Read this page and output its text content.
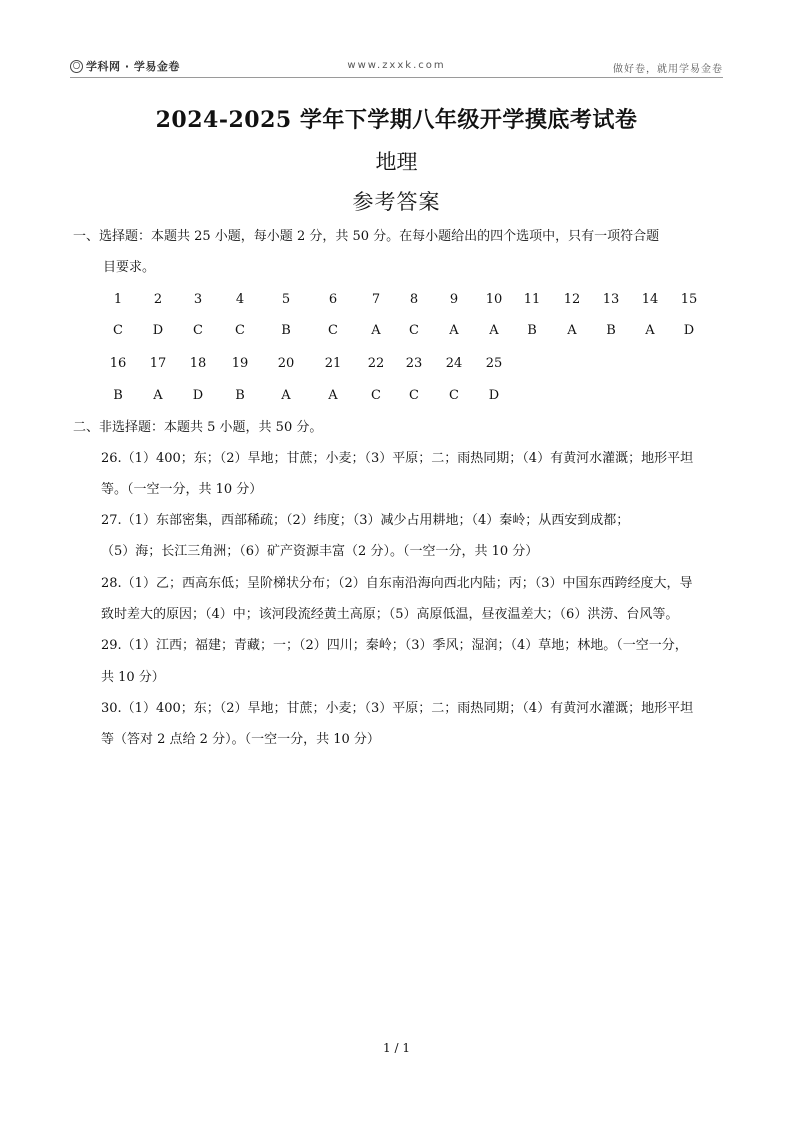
〇 学科网 · 学易金卷	www.zxxk.com	做好卷，就用学易金卷
2024-2025 学年下学期八年级开学摸底考试卷
地理
参考答案
一、选择题：本题共 25 小题，每小题 2 分，共 50 分。在每小题给出的四个选项中，只有一项符合题
目要求。
1	2	3	4	5	6	7	8	9	10 11 12 13 14 15
C	D	C	C	B	C	A	C	A	A	B	A	B	A	D
16 17 18 19 20 21 22 23 24 25
B	A	D	B	A	A	C	C	C	D
二、非选择题：本题共 5 小题，共 50 分。
26.（1）400；东；（2）旱地；甘蔗；小麦；（3）平原；二；雨热同期；（4）有黄河水灌溉；地形平坦
等。（一空一分，共 10 分）
27.（1）东部密集，西部稀疏；（2）纬度；（3）减少占用耕地；（4）秦岭；从西安到成都；
（5）海；长江三角洲；（6）矿产资源丰富（2 分）。（一空一分，共 10 分）
28.（1）乙；西高东低；呈阶梯状分布；（2）自东南沿海向西北内陆；丙；（3）中国东西跨经度大，导
致时差大的原因；（4）中；该河段流经黄土高原；（5）高原低温，昼夜温差大；（6）洪涝、台风等。
29.（1）江西；福建；青藏；一；（2）四川；秦岭；（3）季风；湿润；（4）草地；林地。（一空一分，
共 10 分）
30.（1）400；东；（2）旱地；甘蔗；小麦；（3）平原；二；雨热同期；（4）有黄河水灌溉；地形平坦
等（答对 2 点给 2 分）。（一空一分，共 10 分）
1 / 1
